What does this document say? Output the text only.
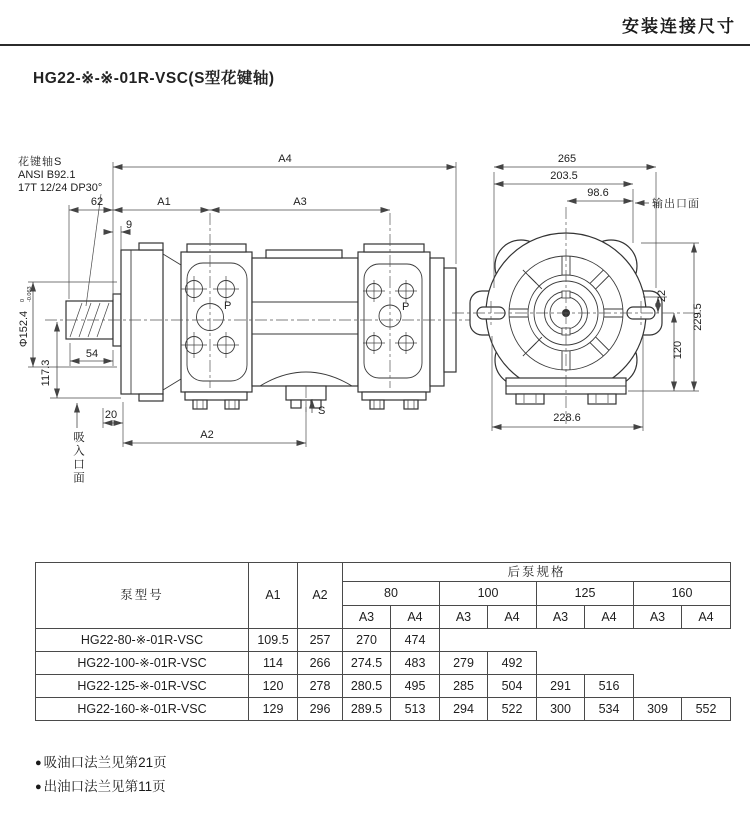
安装连接尺寸
HG22-※-※-01R-VSC(S型花键轴)
P	P
花键轴S
ANSI B92.1
17T 12/24 DP30°
A4
62	A1	A3
9
Φ152.4
0 -0.063
117.3
54
20
A2
S
265
203.5
98.6
输出口面
22
120
229.5
228.6
吸入口面
泵型号	A1	A2	后泵规格							
			80		100		125		160	
			A3	A4	A3	A4	A3	A4	A3	A4
HG22-80-※-01R-VSC	109.5	257	270	474						
HG22-100-※-01R-VSC	114	266	274.5	483	279	492				
HG22-125-※-01R-VSC	120	278	280.5	495	285	504	291	516		
HG22-160-※-01R-VSC	129	296	289.5	513	294	522	300	534	309	552
● 吸油口法兰见第21页
● 出油口法兰见第11页
